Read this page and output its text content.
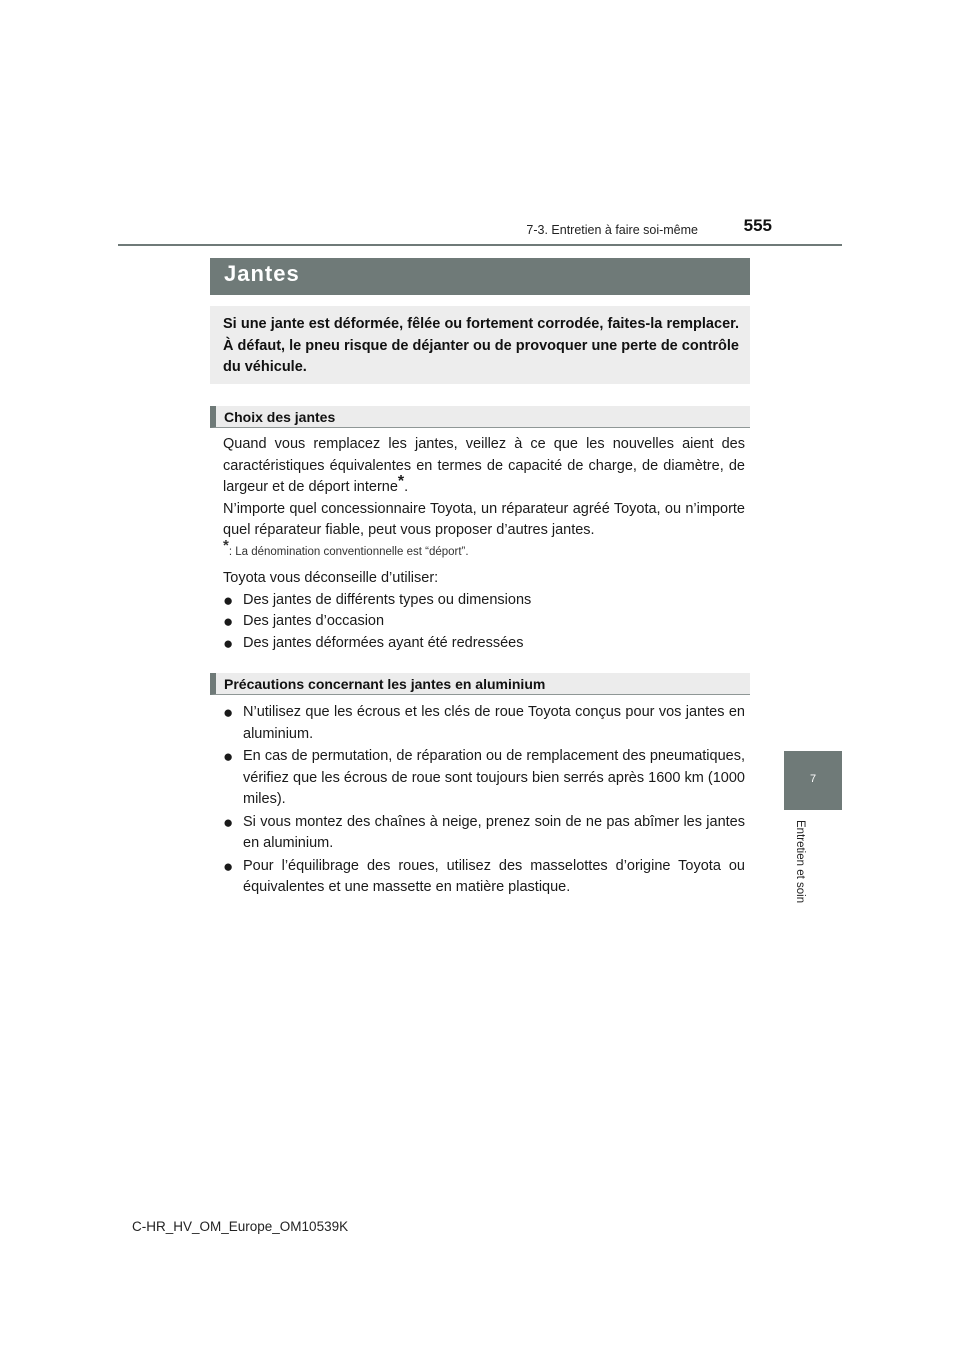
7-3. Entretien à faire soi-même	555
7
Entretien et soin
Jantes
Si une jante est déformée, fêlée ou fortement corrodée, faites-la remplacer. À défaut, le pneu risque de déjanter ou de provoquer une perte de contrôle du véhicule.
Choix des jantes

Quand vous remplacez les jantes, veillez à ce que les nouvelles aient des caractéristiques équivalentes en termes de capacité de charge, de diamètre, de largeur et de déport interne*.

N’importe quel concessionnaire Toyota, un réparateur agréé Toyota, ou n’importe quel réparateur fiable, peut vous proposer d’autres jantes.

*: La dénomination conventionnelle est “déport”.

Toyota vous déconseille d’utiliser:

● Des jantes de différents types ou dimensions
● Des jantes d’occasion
● Des jantes déformées ayant été redressées
Précautions concernant les jantes en aluminium
● N’utilisez que les écrous et les clés de roue Toyota conçus pour vos jantes en aluminium.
● En cas de permutation, de réparation ou de remplacement des pneumatiques, vérifiez que les écrous de roue sont toujours bien serrés après 1600 km (1000 miles).
● Si vous montez des chaînes à neige, prenez soin de ne pas abîmer les jantes en aluminium.
● Pour l’équilibrage des roues, utilisez des masselottes d’origine Toyota ou équivalentes et une massette en matière plastique.
C-HR_HV_OM_Europe_OM10539K
